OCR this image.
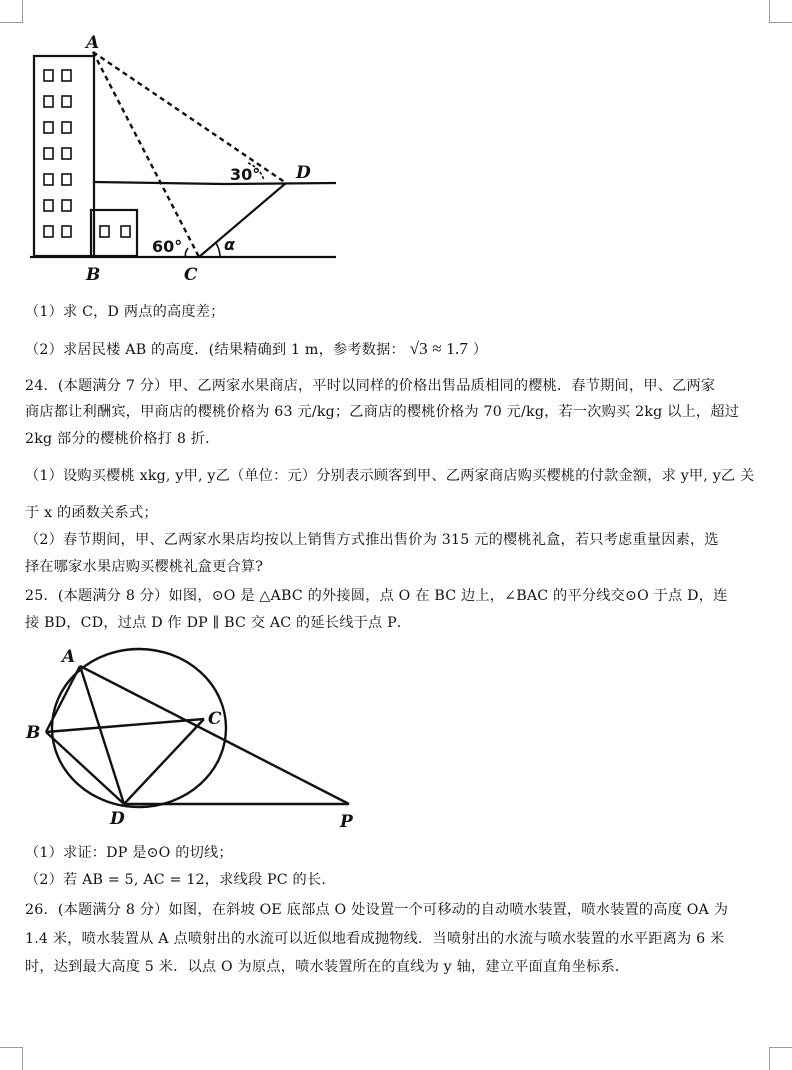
A
B	C
D
30°
60°	α
（1）求 C，D 两点的高度差；
（2）求居民楼 AB 的高度．(结果精确到 1 m，参考数据： √3 ≈ 1.7 ）
24．(本题满分 7 分）甲、乙两家水果商店，平时以同样的价格出售品质相同的樱桃．春节期间，甲、乙两家
商店都让利酬宾，甲商店的樱桃价格为 63 元/kg；乙商店的樱桃价格为 70 元/kg，若一次购买 2kg 以上，超过
2kg 部分的樱桃价格打 8 折．
（1）设购买樱桃 xkg, y甲, y乙（单位：元）分别表示顾客到甲、乙两家商店购买樱桃的付款金额，求 y甲, y乙 关
于 x 的函数关系式；
（2）春节期间，甲、乙两家水果店均按以上销售方式推出售价为 315 元的樱桃礼盒，若只考虑重量因素，选
择在哪家水果店购买樱桃礼盒更合算?
25．(本题满分 8 分）如图，⊙O 是 △ABC 的外接圆，点 O 在 BC 边上，∠BAC 的平分线交⊙O 于点 D，连
接 BD，CD，过点 D 作 DP ∥ BC 交 AC 的延长线于点 P．
A
B
C
D	P
（1）求证：DP 是⊙O 的切线；
（2）若 AB = 5, AC = 12，求线段 PC 的长．
26．(本题满分 8 分）如图，在斜坡 OE 底部点 O 处设置一个可移动的自动喷水装置，喷水装置的高度 OA 为
1.4 米，喷水装置从 A 点喷射出的水流可以近似地看成抛物线．当喷射出的水流与喷水装置的水平距离为 6 米
时，达到最大高度 5 米．以点 O 为原点，喷水装置所在的直线为 y 轴，建立平面直角坐标系．
